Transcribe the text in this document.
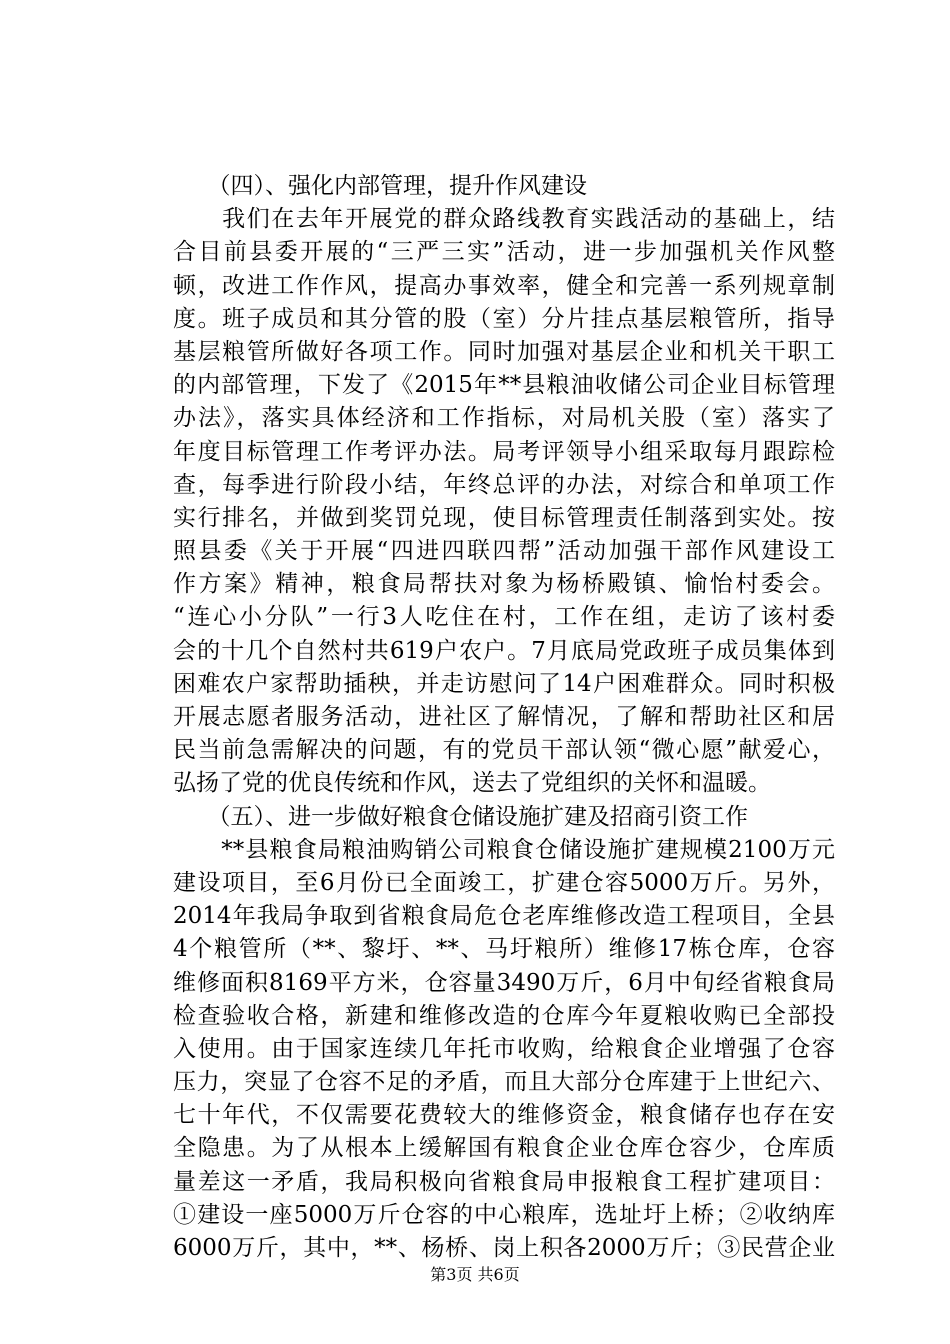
　　（四）、强化内部管理，提升作风建设
　　我们在去年开展党的群众路线教育实践活动的基础上，结
合目前县委开展的“三严三实”活动，进一步加强机关作风整
顿，改进工作作风，提高办事效率，健全和完善一系列规章制
度。班子成员和其分管的股（室）分片挂点基层粮管所，指导
基层粮管所做好各项工作。同时加强对基层企业和机关干职工
的内部管理，下发了《2015年**县粮油收储公司企业目标管理
办法》，落实具体经济和工作指标，对局机关股（室）落实了
年度目标管理工作考评办法。局考评领导小组采取每月跟踪检
查，每季进行阶段小结，年终总评的办法，对综合和单项工作
实行排名，并做到奖罚兑现，使目标管理责任制落到实处。按
照县委《关于开展“四进四联四帮”活动加强干部作风建设工
作方案》精神，粮食局帮扶对象为杨桥殿镇、愉怡村委会。
“连心小分队”一行3人吃住在村，工作在组，走访了该村委
会的十几个自然村共619户农户。7月底局党政班子成员集体到
困难农户家帮助插秧，并走访慰问了14户困难群众。同时积极
开展志愿者服务活动，进社区了解情况，了解和帮助社区和居
民当前急需解决的问题，有的党员干部认领“微心愿”献爱心，
弘扬了党的优良传统和作风，送去了党组织的关怀和温暖。
　　（五）、进一步做好粮食仓储设施扩建及招商引资工作
　　**县粮食局粮油购销公司粮食仓储设施扩建规模2100万元
建设项目，至6月份已全面竣工，扩建仓容5000万斤。另外，
2014年我局争取到省粮食局危仓老库维修改造工程项目，全县
4个粮管所（**、黎圩、**、马圩粮所）维修17栋仓库，仓容
维修面积8169平方米，仓容量3490万斤，6月中旬经省粮食局
检查验收合格，新建和维修改造的仓库今年夏粮收购已全部投
入使用。由于国家连续几年托市收购，给粮食企业增强了仓容
压力，突显了仓容不足的矛盾，而且大部分仓库建于上世纪六、
七十年代，不仅需要花费较大的维修资金，粮食储存也存在安
全隐患。为了从根本上缓解国有粮食企业仓库仓容少，仓库质
量差这一矛盾，我局积极向省粮食局申报粮食工程扩建项目：
①建设一座5000万斤仓容的中心粮库，选址圩上桥；②收纳库
6000万斤，其中，**、杨桥、岗上积各2000万斤；③民营企业
第3页 共6页
